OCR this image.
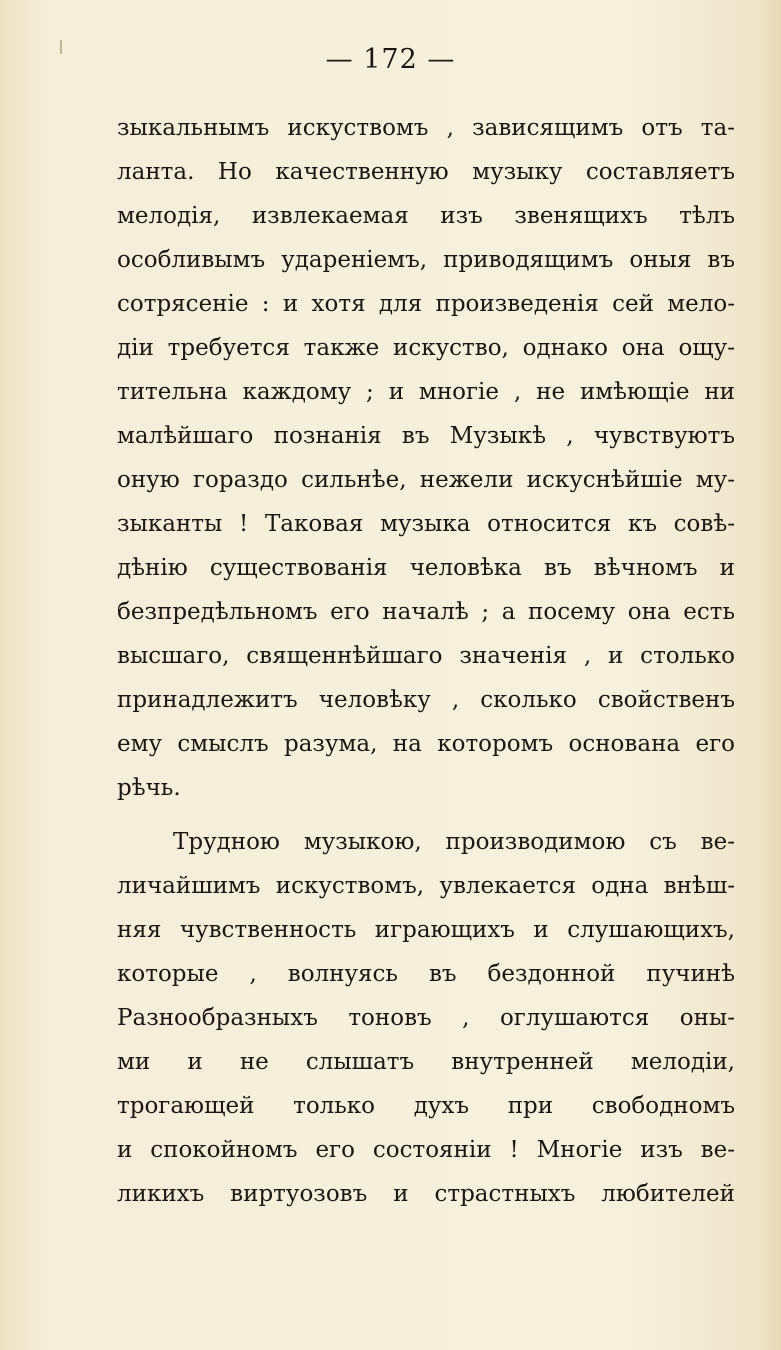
— 172 —
зыкальнымъ искуствомъ , зависящимъ отъ та-
ланта. Но качественную музыку составляетъ
мелодія, извлекаемая изъ звенящихъ тѣлъ
особливымъ удареніемъ, приводящимъ оныя въ
сотрясеніе : и хотя для произведенія сей мело-
діи требуется также искуство, однако она ощу-
тительна каждому ; и многіе , не имѣющіе ни
малѣйшаго познанія въ Музыкѣ , чувствуютъ
оную гораздо сильнѣе, нежели искуснѣйшіе му-
зыканты ! Таковая музыка относится къ совѣ-
дѣнію существованія человѣка въ вѣчномъ и
безпредѣльномъ его началѣ ; а посему она есть
высшаго, священнѣйшаго значенія , и столько
принадлежитъ человѣку , сколько свойственъ
ему смыслъ разума, на которомъ основана его
рѣчь.
Трудною музыкою, производимою съ ве-
личайшимъ искуствомъ, увлекается одна внѣш-
няя чувственность играющихъ и слушающихъ,
которые , волнуясь въ бездонной пучинѣ
Разнообразныхъ тоновъ , оглушаются оны-
ми и не слышатъ внутренней мелодіи,
трогающей только духъ при свободномъ
и спокойномъ его состояніи ! Многіе изъ ве-
ликихъ виртуозовъ и страстныхъ любителей
